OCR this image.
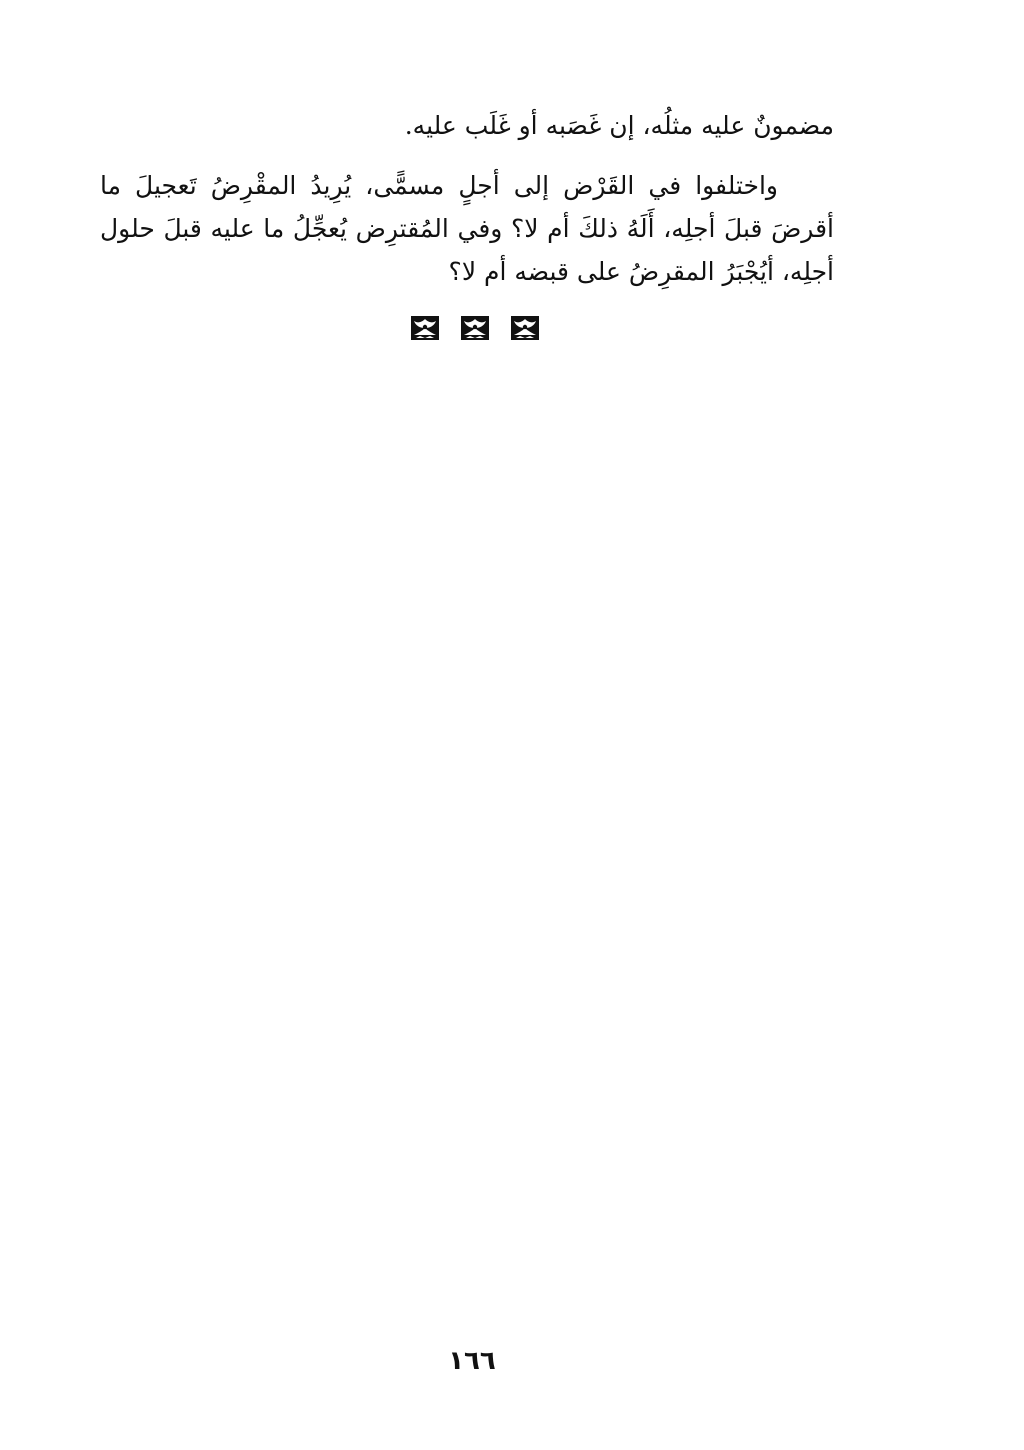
مضمونٌ عليه مثلُه، إن غَصَبه أو غَلَب عليه.

واختلفوا في القَرْض إلى أجلٍ مسمًّى، يُرِيدُ المقْرِضُ تَعجيلَ ما أقرضَ قبلَ أجلِه، أَلَهُ ذلكَ أم لا؟ وفي المُقترِض يُعجِّلُ ما عليه قبلَ حلول أجلِه، أيُجْبَرُ المقرِضُ على قبضه أم لا؟

١٦٦
